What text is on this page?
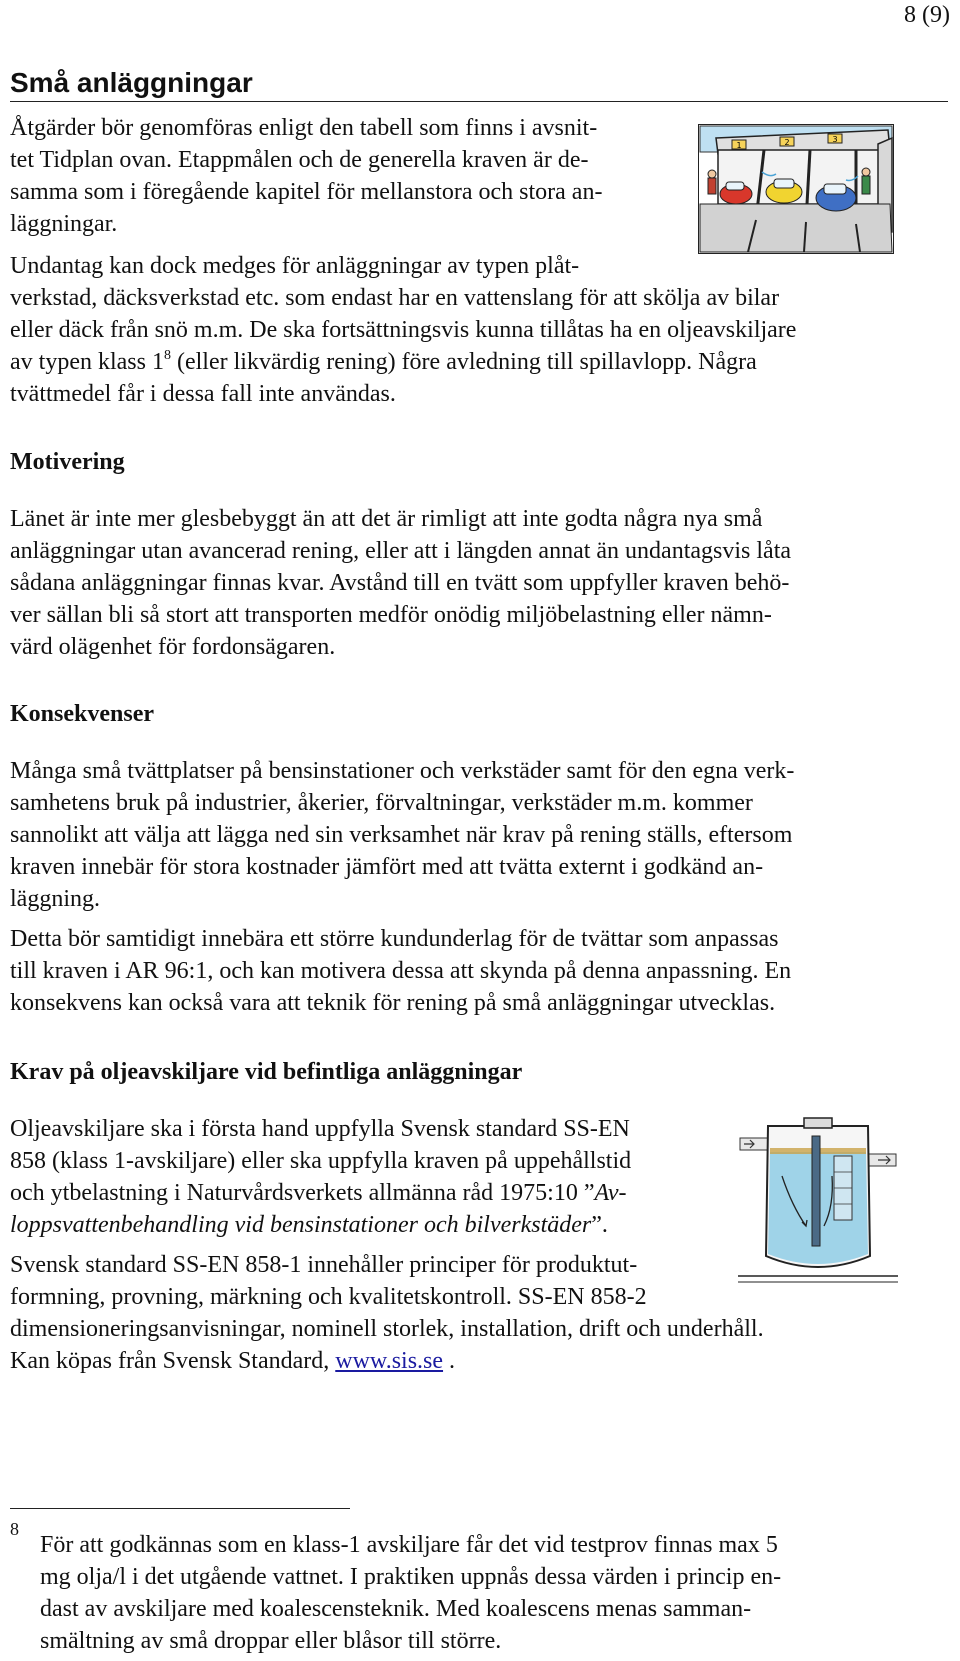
8 (9)
Små anläggningar
Åtgärder bör genomföras enligt den tabell som finns i avsnit-
tet Tidplan ovan. Etappmålen och de generella kraven är de-
samma som i föregående kapitel för mellanstora och stora an-
läggningar.
Undantag kan dock medges för anläggningar av typen plåt-
verkstad, däcksverkstad etc. som endast har en vattenslang för att skölja av bilar
eller däck från snö m.m. De ska fortsättningsvis kunna tillåtas ha en oljeavskiljare
av typen klass 1$^8$ (eller likvärdig rening) före avledning till spillavlopp. Några
tvättmedel får i dessa fall inte användas.
1	2	3
Motivering
Länet är inte mer glesbebyggt än att det är rimligt att inte godta några nya små
anläggningar utan avancerad rening, eller att i längden annat än undantagsvis låta
sådana anläggningar finnas kvar. Avstånd till en tvätt som uppfyller kraven behö-
ver sällan bli så stort att transporten medför onödig miljöbelastning eller nämn-
värd olägenhet för fordonsägaren.
Konsekvenser
Många små tvättplatser på bensinstationer och verkstäder samt för den egna verk-
samhetens bruk på industrier, åkerier, förvaltningar, verkstäder m.m. kommer
sannolikt att välja att lägga ned sin verksamhet när krav på rening ställs, eftersom
kraven innebär för stora kostnader jämfört med att tvätta externt i godkänd an-
läggning.
Detta bör samtidigt innebära ett större kundunderlag för de tvättar som anpassas
till kraven i AR 96:1, och kan motivera dessa att skynda på denna anpassning. En
konsekvens kan också vara att teknik för rening på små anläggningar utvecklas.
Krav på oljeavskiljare vid befintliga anläggningar
Oljeavskiljare ska i första hand uppfylla Svensk standard SS-EN
858 (klass 1-avskiljare) eller ska uppfylla kraven på uppehållstid
och ytbelastning i Naturvårdsverkets allmänna råd 1975:10 ”Av-
loppsvattenbehandling vid bensinstationer och bilverkstäder”.
Svensk standard SS-EN 858-1 innehåller principer för produktut-
formning, provning, märkning och kvalitetskontroll. SS-EN 858-2
dimensioneringsanvisningar, nominell storlek, installation, drift och underhåll.
Kan köpas från Svensk Standard, www.sis.se .
8
För att godkännas som en klass-1 avskiljare får det vid testprov finnas max 5
mg olja/l i det utgående vattnet. I praktiken uppnås dessa värden i princip en-
dast av avskiljare med koalescensteknik. Med koalescens menas samman-
smältning av små droppar eller blåsor till större.
